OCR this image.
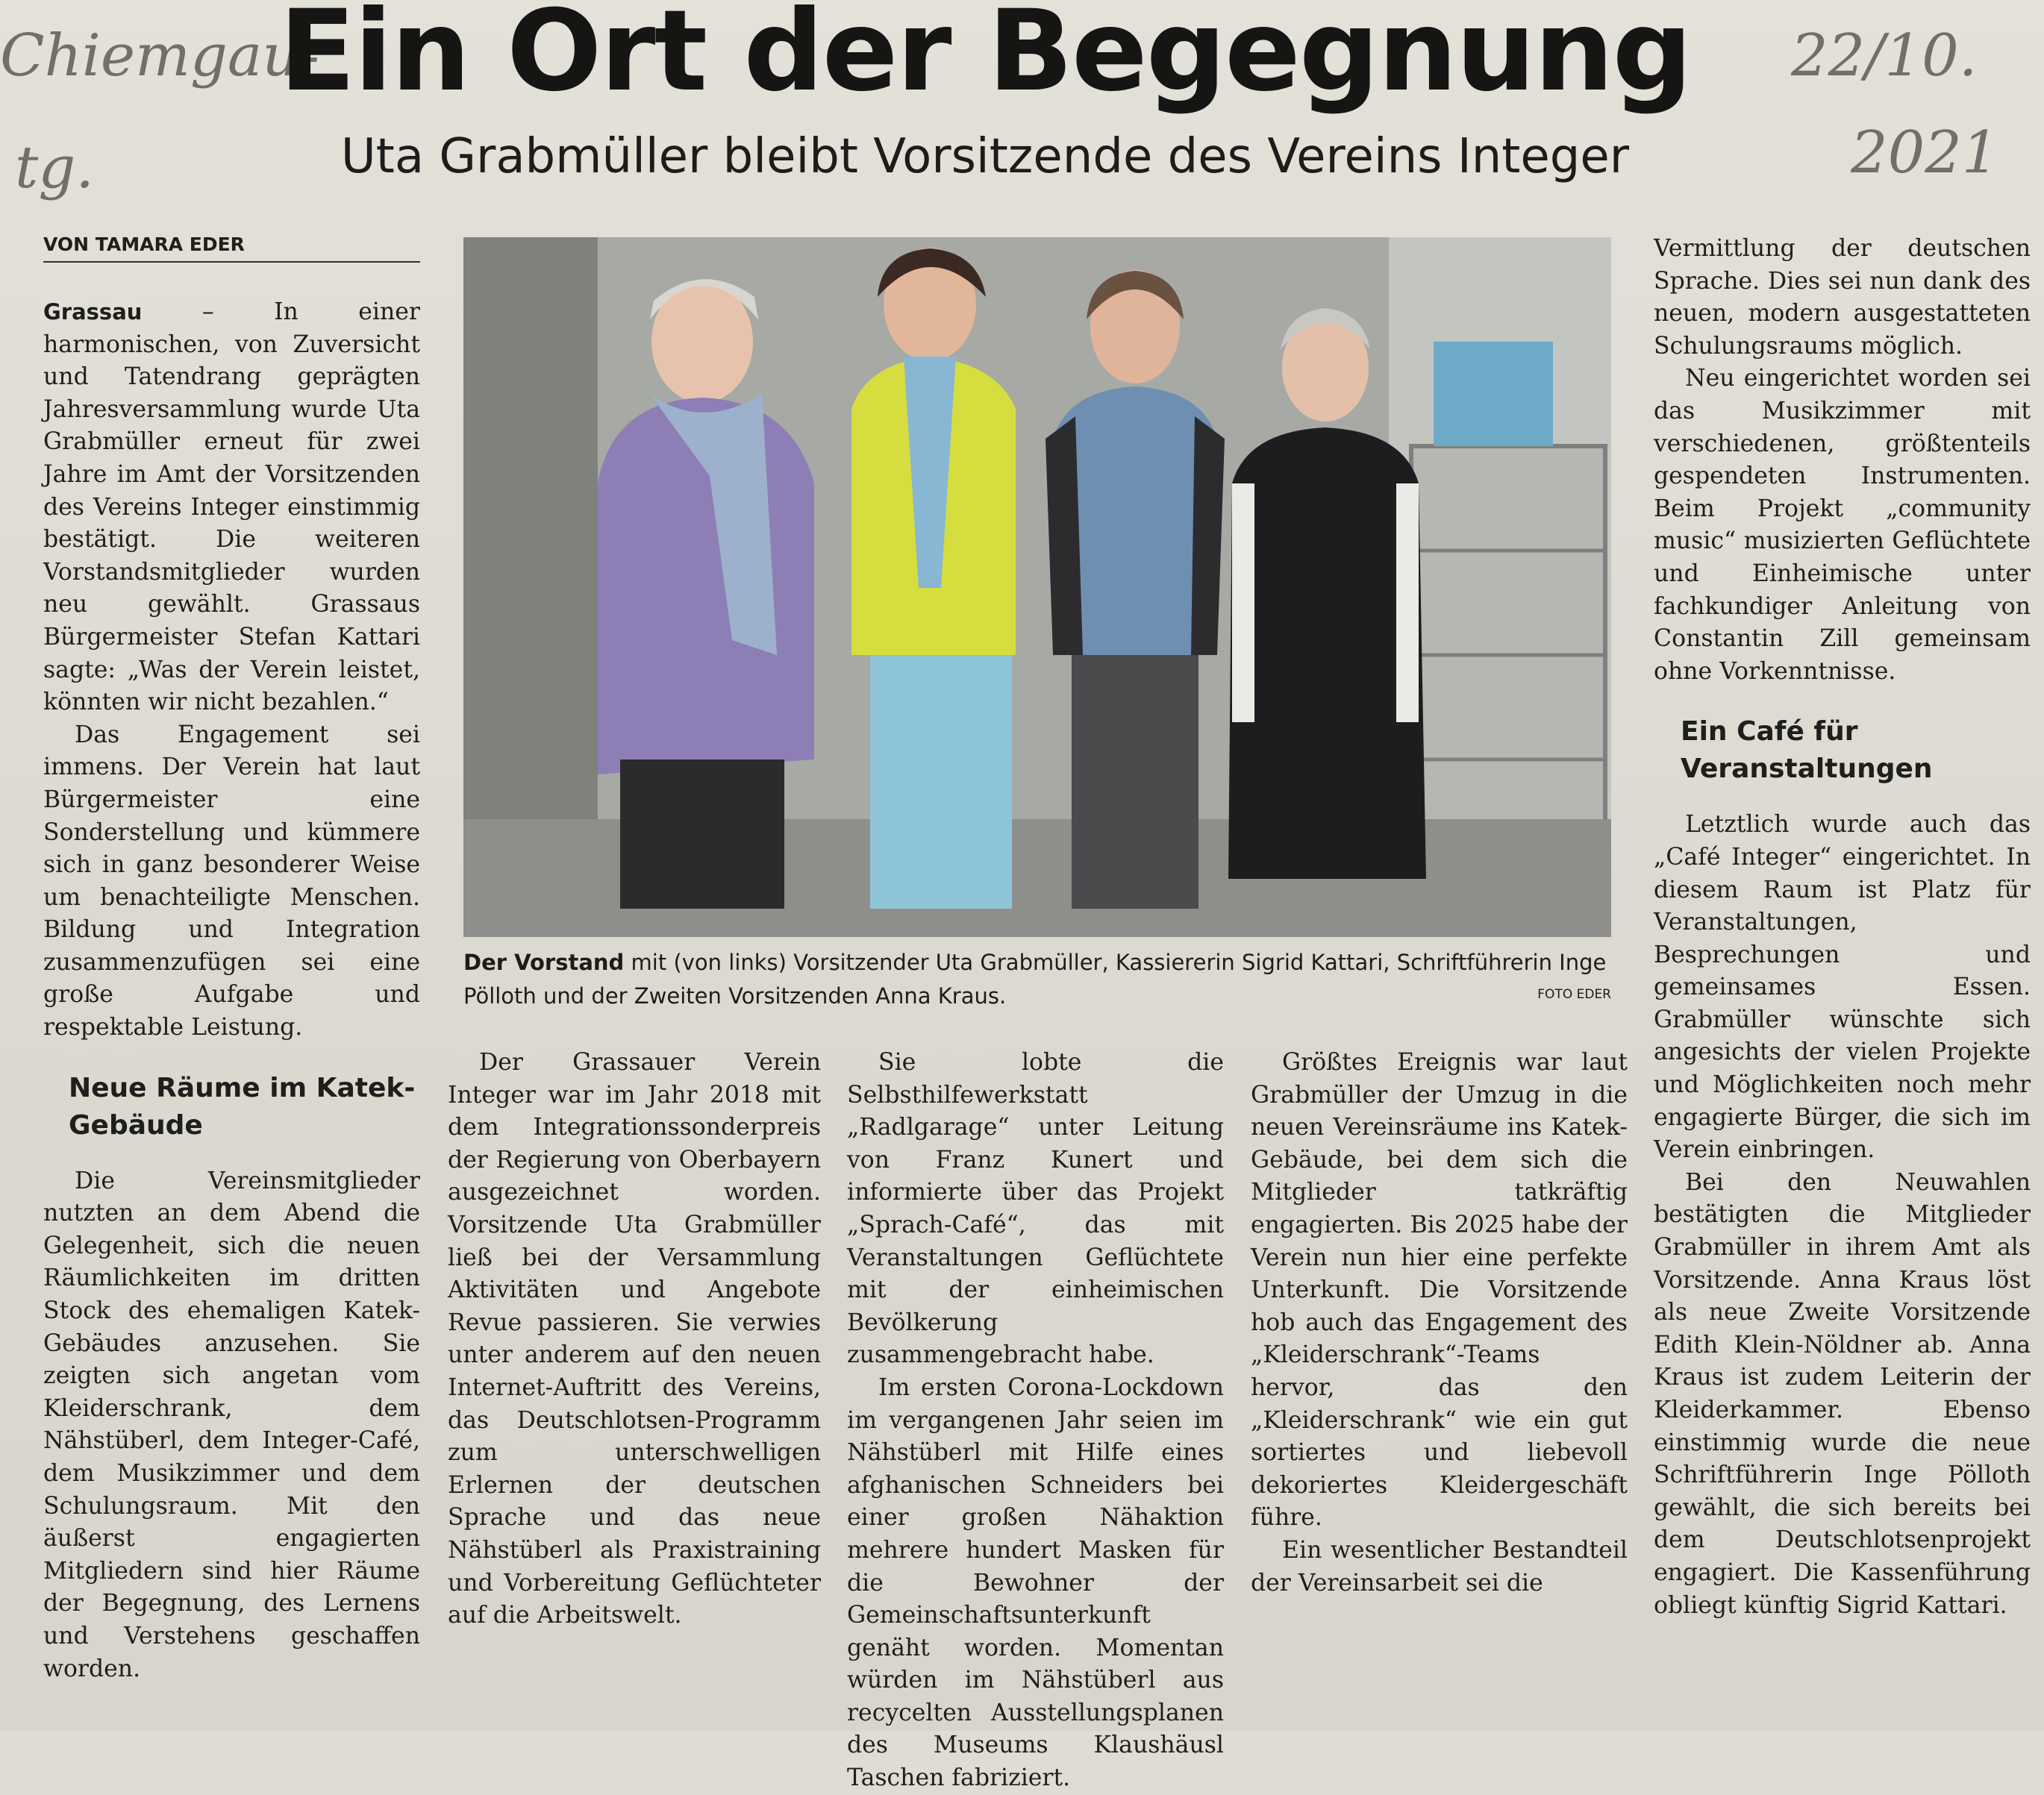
Chiemgau-
tg.
22/10.
2021
Ein Ort der Begegnung
Uta Grabmüller bleibt Vorsitzende des Vereins Integer
VON TAMARA EDER

Grassau – In einer harmonischen, von Zuversicht und Tatendrang geprägten Jahresversammlung wurde Uta Grabmüller erneut für zwei Jahre im Amt der Vorsitzenden des Vereins Integer einstimmig bestätigt. Die weiteren Vorstandsmitglieder wurden neu gewählt. Grassaus Bürgermeister Stefan Kattari sagte: „Was der Verein leistet, könnten wir nicht bezahlen.“

Das Engagement sei immens. Der Verein hat laut Bürgermeister eine Sonderstellung und kümmere sich in ganz besonderer Weise um benachteiligte Menschen. Bildung und Integration zusammenzufügen sei eine große Aufgabe und respektable Leistung.

Neue Räume im Katek-Gebäude

Die Vereinsmitglieder nutzten an dem Abend die Gelegenheit, sich die neuen Räumlichkeiten im dritten Stock des ehemaligen Katek-Gebäudes anzusehen. Sie zeigten sich angetan vom Kleiderschrank, dem Nähstüberl, dem Integer-Café, dem Musikzimmer und dem Schulungsraum. Mit den äußerst engagierten Mitgliedern sind hier Räume der Begegnung, des Lernens und Verstehens geschaffen worden.

Der Vorstand mit (von links) Vorsitzender Uta Grabmüller, Kassiererin Sigrid Kattari, Schriftführerin Inge Pölloth und der Zweiten Vorsitzenden Anna Kraus.	FOTO EDER

Der Grassauer Verein Integer war im Jahr 2018 mit dem Integrationssonderpreis der Regierung von Oberbayern ausgezeichnet worden. Vorsitzende Uta Grabmüller ließ bei der Versammlung Aktivitäten und Angebote Revue passieren. Sie verwies unter anderem auf den neuen Internet-Auftritt des Vereins, das Deutschlotsen-Programm zum unterschwelligen Erlernen der deutschen Sprache und das neue Nähstüberl als Praxistraining und Vorbereitung Geflüchteter auf die Arbeitswelt.

Sie lobte die Selbsthilfewerkstatt „Radlgarage“ unter Leitung von Franz Kunert und informierte über das Projekt „Sprach-Café“, das mit Veranstaltungen Geflüchtete mit der einheimischen Bevölkerung zusammengebracht habe.

Im ersten Corona-Lockdown im vergangenen Jahr seien im Nähstüberl mit Hilfe eines afghanischen Schneiders bei einer großen Nähaktion mehrere hundert Masken für die Bewohner der Gemeinschaftsunterkunft genäht worden. Momentan würden im Nähstüberl aus recycelten Ausstellungsplanen des Museums Klaushäusl Taschen fabriziert.

Größtes Ereignis war laut Grabmüller der Umzug in die neuen Vereinsräume ins Katek-Gebäude, bei dem sich die Mitglieder tatkräftig engagierten. Bis 2025 habe der Verein nun hier eine perfekte Unterkunft. Die Vorsitzende hob auch das Engagement des „Kleiderschrank“-Teams hervor, das den „Kleiderschrank“ wie ein gut sortiertes und liebevoll dekoriertes Kleidergeschäft führe.

Ein wesentlicher Bestandteil der Vereinsarbeit sei die

Vermittlung der deutschen Sprache. Dies sei nun dank des neuen, modern ausgestatteten Schulungsraums möglich.

Neu eingerichtet worden sei das Musikzimmer mit verschiedenen, größtenteils gespendeten Instrumenten. Beim Projekt „community music“ musizierten Geflüchtete und Einheimische unter fachkundiger Anleitung von Constantin Zill gemeinsam ohne Vorkenntnisse.

Ein Café für Veranstaltungen

Letztlich wurde auch das „Café Integer“ eingerichtet. In diesem Raum ist Platz für Veranstaltungen, Besprechungen und gemeinsames Essen. Grabmüller wünschte sich angesichts der vielen Projekte und Möglichkeiten noch mehr engagierte Bürger, die sich im Verein einbringen.

Bei den Neuwahlen bestätigten die Mitglieder Grabmüller in ihrem Amt als Vorsitzende. Anna Kraus löst als neue Zweite Vorsitzende Edith Klein-Nöldner ab. Anna Kraus ist zudem Leiterin der Kleiderkammer. Ebenso einstimmig wurde die neue Schriftführerin Inge Pölloth gewählt, die sich bereits bei dem Deutschlotsenprojekt engagiert. Die Kassenführung obliegt künftig Sigrid Kattari.
